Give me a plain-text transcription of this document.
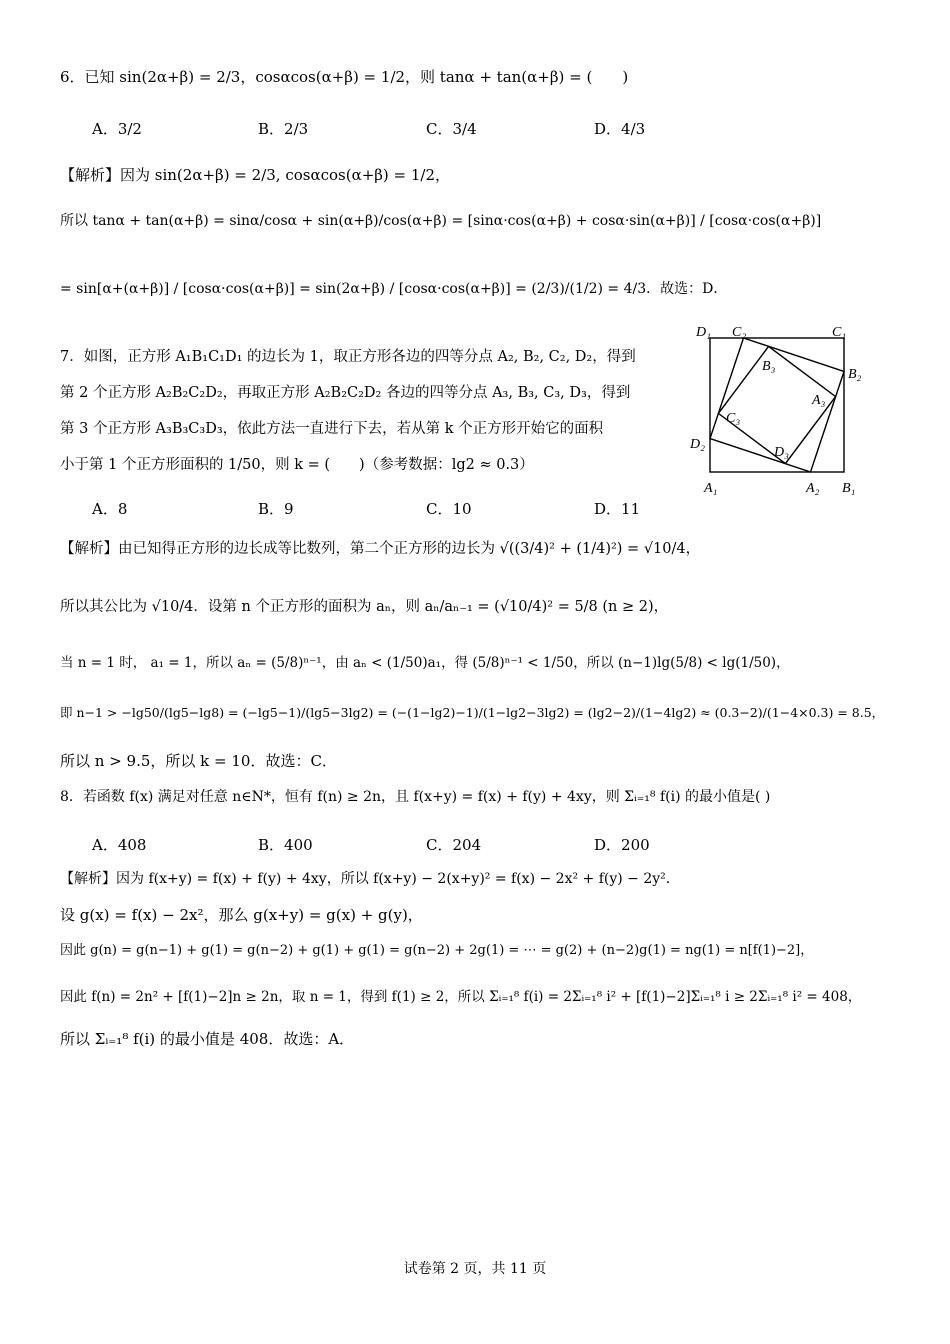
6．已知 sin(2α+β) = 2/3，cosαcos(α+β) = 1/2，则 tanα + tan(α+β) = (　　)
A．3/2	B．2/3	C．3/4	D．4/3
【解析】因为 sin(2α+β) = 2/3, cosαcos(α+β) = 1/2，
所以 tanα + tan(α+β) = sinα/cosα + sin(α+β)/cos(α+β) = [sinα·cos(α+β) + cosα·sin(α+β)] / [cosα·cos(α+β)]
= sin[α+(α+β)] / [cosα·cos(α+β)] = sin(2α+β) / [cosα·cos(α+β)] = (2/3)/(1/2) = 4/3．故选：D．
7．如图，正方形 A₁B₁C₁D₁ 的边长为 1，取正方形各边的四等分点 A₂, B₂, C₂, D₂，得到
第 2 个正方形 A₂B₂C₂D₂，再取正方形 A₂B₂C₂D₂ 各边的四等分点 A₃, B₃, C₃, D₃，得到
第 3 个正方形 A₃B₃C₃D₃，依此方法一直进行下去，若从第 k 个正方形开始它的面积
小于第 1 个正方形面积的 1/50，则 k = (　　)（参考数据：lg2 ≈ 0.3）
D₁ C₂	C₁
B₃
B₂
A₃
C₃
D₂
D₃
A₁	A₂ B₁
A．8	B．9	C．10	D．11
【解析】由已知得正方形的边长成等比数列，第二个正方形的边长为 √((3/4)² + (1/4)²) = √10/4，
所以其公比为 √10/4．设第 n 个正方形的面积为 aₙ，则 aₙ/aₙ₋₁ = (√10/4)² = 5/8 (n ≥ 2)，
当 n = 1 时， a₁ = 1，所以 aₙ = (5/8)ⁿ⁻¹，由 aₙ < (1/50)a₁，得 (5/8)ⁿ⁻¹ < 1/50，所以 (n−1)lg(5/8) < lg(1/50)，
即 n−1 > −lg50/(lg5−lg8) = (−lg5−1)/(lg5−3lg2) = (−(1−lg2)−1)/(1−lg2−3lg2) = (lg2−2)/(1−4lg2) ≈ (0.3−2)/(1−4×0.3) = 8.5，
所以 n > 9.5，所以 k = 10．故选：C．
8．若函数 f(x) 满足对任意 n∈N*，恒有 f(n) ≥ 2n，且 f(x+y) = f(x) + f(y) + 4xy，则 Σᵢ₌₁⁸ f(i) 的最小值是( )
A．408	B．400	C．204	D．200
【解析】因为 f(x+y) = f(x) + f(y) + 4xy，所以 f(x+y) − 2(x+y)² = f(x) − 2x² + f(y) − 2y²．
设 g(x) = f(x) − 2x²，那么 g(x+y) = g(x) + g(y)，
因此 g(n) = g(n−1) + g(1) = g(n−2) + g(1) + g(1) = g(n−2) + 2g(1) = ⋯ = g(2) + (n−2)g(1) = ng(1) = n[f(1)−2]，
因此 f(n) = 2n² + [f(1)−2]n ≥ 2n，取 n = 1，得到 f(1) ≥ 2，所以 Σᵢ₌₁⁸ f(i) = 2Σᵢ₌₁⁸ i² + [f(1)−2]Σᵢ₌₁⁸ i ≥ 2Σᵢ₌₁⁸ i² = 408，
所以 Σᵢ₌₁⁸ f(i) 的最小值是 408．故选：A．
试卷第 2 页，共 11 页
